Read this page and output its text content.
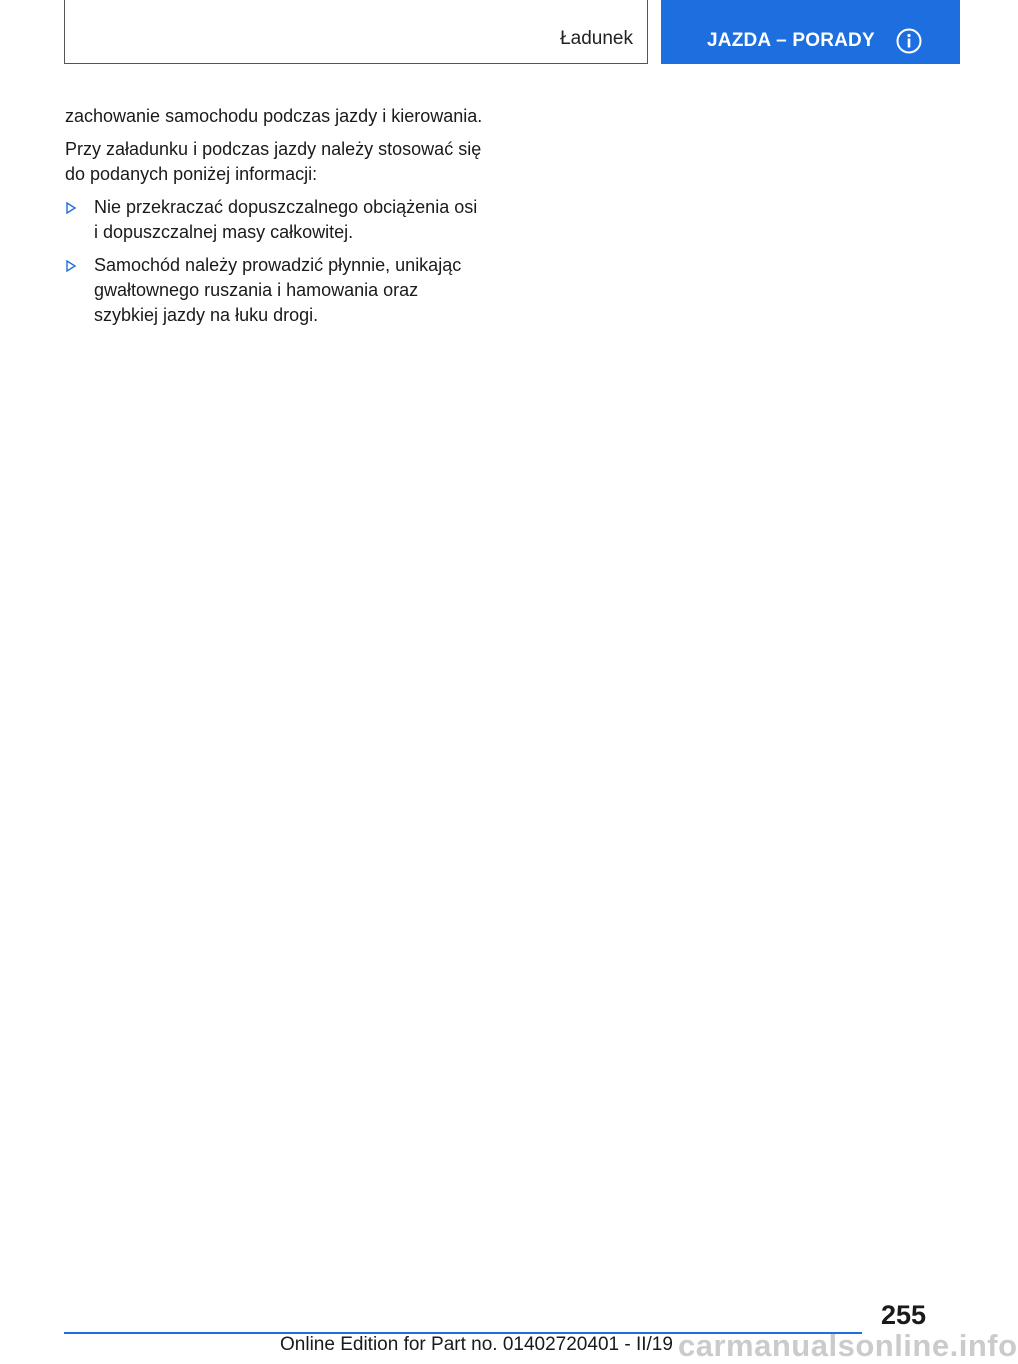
Ładunek	JAZDA – PORADY

zachowanie samochodu podczas jazdy i kierowania.

Przy załadunku i podczas jazdy należy stosować się do podanych poniżej informacji:

Nie przekraczać dopuszczalnego obciążenia osi i dopuszczalnej masy całkowitej.
Samochód należy prowadzić płynnie, unikając gwałtownego ruszania i hamowania oraz szybkiej jazdy na łuku drogi.
255
Online Edition for Part no. 01402720401 - II/19 carmanualsonline.info
